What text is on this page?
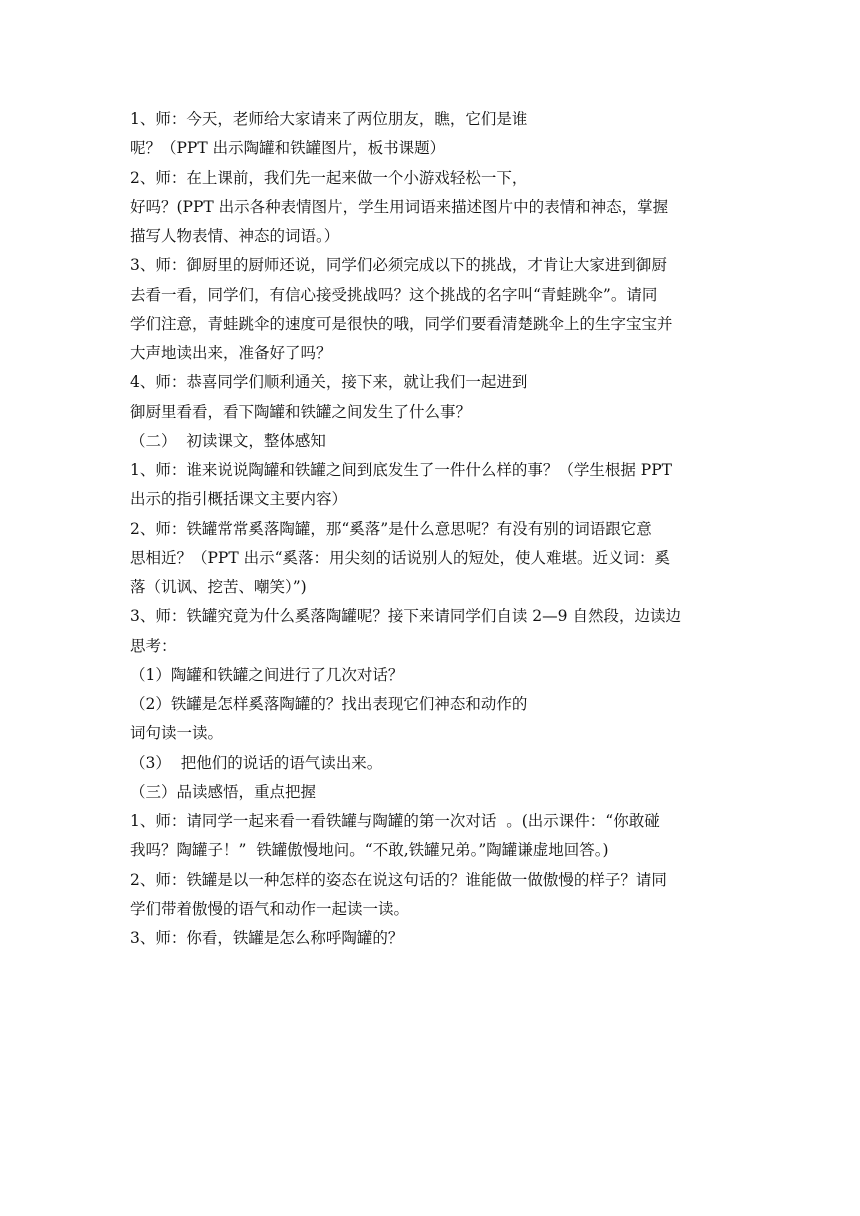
1、师：今天，老师给大家请来了两位朋友，瞧，它们是谁
呢？（PPT 出示陶罐和铁罐图片，板书课题）
2、师：在上课前，我们先一起来做一个小游戏轻松一下，
好吗？(PPT 出示各种表情图片，学生用词语来描述图片中的表情和神态，掌握
描写人物表情、神态的词语。）
3、师：御厨里的厨师还说，同学们必须完成以下的挑战，才肯让大家进到御厨
去看一看，同学们，有信心接受挑战吗？这个挑战的名字叫“青蛙跳伞”。请同
学们注意，青蛙跳伞的速度可是很快的哦，同学们要看清楚跳伞上的生字宝宝并
大声地读出来，准备好了吗？
4、师：恭喜同学们顺利通关，接下来，就让我们一起进到
御厨里看看，看下陶罐和铁罐之间发生了什么事？
（二）  初读课文，整体感知
1、师：谁来说说陶罐和铁罐之间到底发生了一件什么样的事？（学生根据 PPT
出示的指引概括课文主要内容）
2、师：铁罐常常奚落陶罐，那“奚落”是什么意思呢？有没有别的词语跟它意
思相近？（PPT 出示“奚落：用尖刻的话说别人的短处，使人难堪。近义词：奚
落（讥讽、挖苦、嘲笑）”)
3、师：铁罐究竟为什么奚落陶罐呢？接下来请同学们自读 2—9 自然段，边读边
思考：
（1）陶罐和铁罐之间进行了几次对话？
（2）铁罐是怎样奚落陶罐的？找出表现它们神态和动作的
词句读一读。
（3）  把他们的说话的语气读出来。
（三）品读感悟，重点把握
1、师：请同学一起来看一看铁罐与陶罐的第一次对话  。(出示课件：“你敢碰
我吗？陶罐子！”  铁罐傲慢地问。“不敢,铁罐兄弟。”陶罐谦虚地回答。)
2、师：铁罐是以一种怎样的姿态在说这句话的？谁能做一做傲慢的样子？请同
学们带着傲慢的语气和动作一起读一读。
3、师：你看，铁罐是怎么称呼陶罐的？
